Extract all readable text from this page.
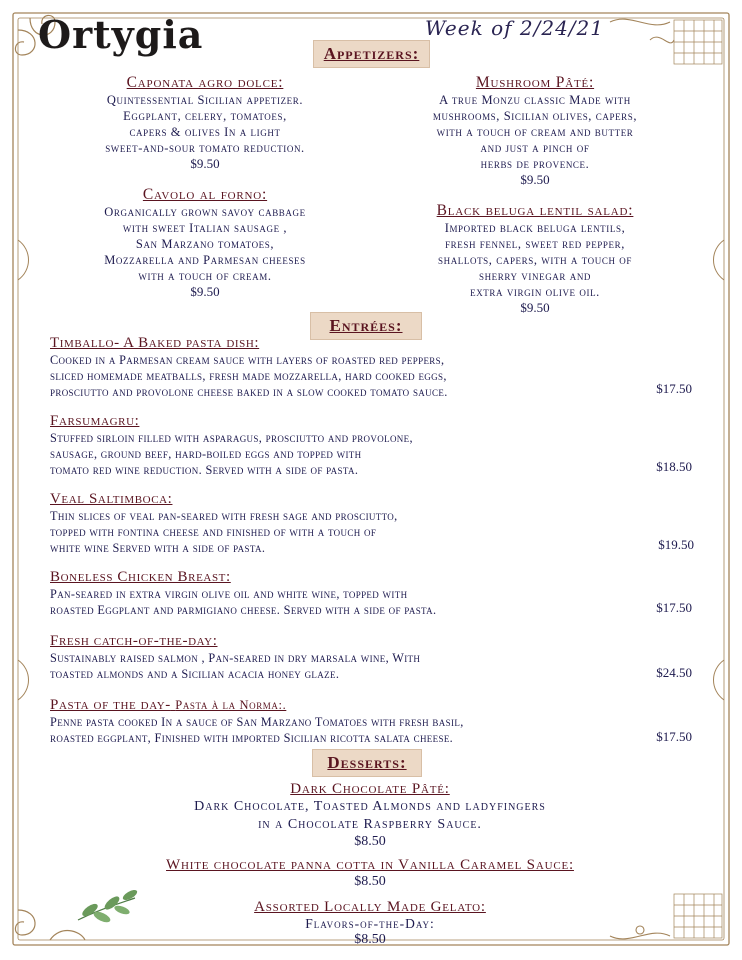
Ortygia	Week of 2/24/21
Appetizers:
Caponata agro dolce:
Quintessential Sicilian appetizer.
Eggplant, celery, tomatoes,
capers & olives In a light
sweet-and-sour tomato reduction.
$9.50
Mushroom Pâté:
A true Monzu classic Made with
mushrooms, Sicilian olives, capers,
with a touch of cream and butter
and just a pinch of
herbs de provence.
$9.50
Cavolo al forno:
Organically grown savoy cabbage
with sweet Italian sausage ,
San Marzano tomatoes,
Mozzarella and Parmesan cheeses
with a touch of cream.
$9.50
Black beluga lentil salad:
Imported black beluga lentils,
fresh fennel, sweet red pepper,
shallots, capers, with a touch of
sherry vinegar and
extra virgin olive oil.
$9.50
Entrées:
Timballo- A Baked pasta dish:
Cooked in a Parmesan cream sauce with layers of roasted red peppers,
sliced homemade meatballs, fresh made mozzarella, hard cooked eggs,
prosciutto and provolone cheese baked in a slow cooked tomato sauce.	$17.50
Farsumagru:
Stuffed sirloin filled with asparagus, prosciutto and provolone,
sausage, ground beef, hard-boiled eggs and topped with
tomato red wine reduction. Served with a side of pasta.	$18.50
Veal Saltimboca:
Thin slices of veal pan-seared with fresh sage and prosciutto,
topped with fontina cheese and finished of with a touch of
white wine Served with a side of pasta.	$19.50
Boneless Chicken Breast:
Pan-seared in extra virgin olive oil and white wine, topped with
roasted Eggplant and parmigiano cheese. Served with a side of pasta.	$17.50
Fresh catch-of-the-day:
Sustainably raised salmon , Pan-seared in dry marsala wine, With
toasted almonds and a Sicilian acacia honey glaze.	$24.50
Pasta of the day- Pasta à la Norma:.
Penne pasta cooked In a sauce of San Marzano Tomatoes with fresh basil,
roasted eggplant, Finished with imported Sicilian ricotta salata cheese.	$17.50
Desserts:
Dark Chocolate Pâté:
Dark Chocolate, Toasted Almonds and ladyfingers
in a Chocolate Raspberry Sauce.
$8.50
White chocolate panna cotta in Vanilla Caramel Sauce:
$8.50
Assorted Locally Made Gelato:
Flavors-of-the-Day:
$8.50
